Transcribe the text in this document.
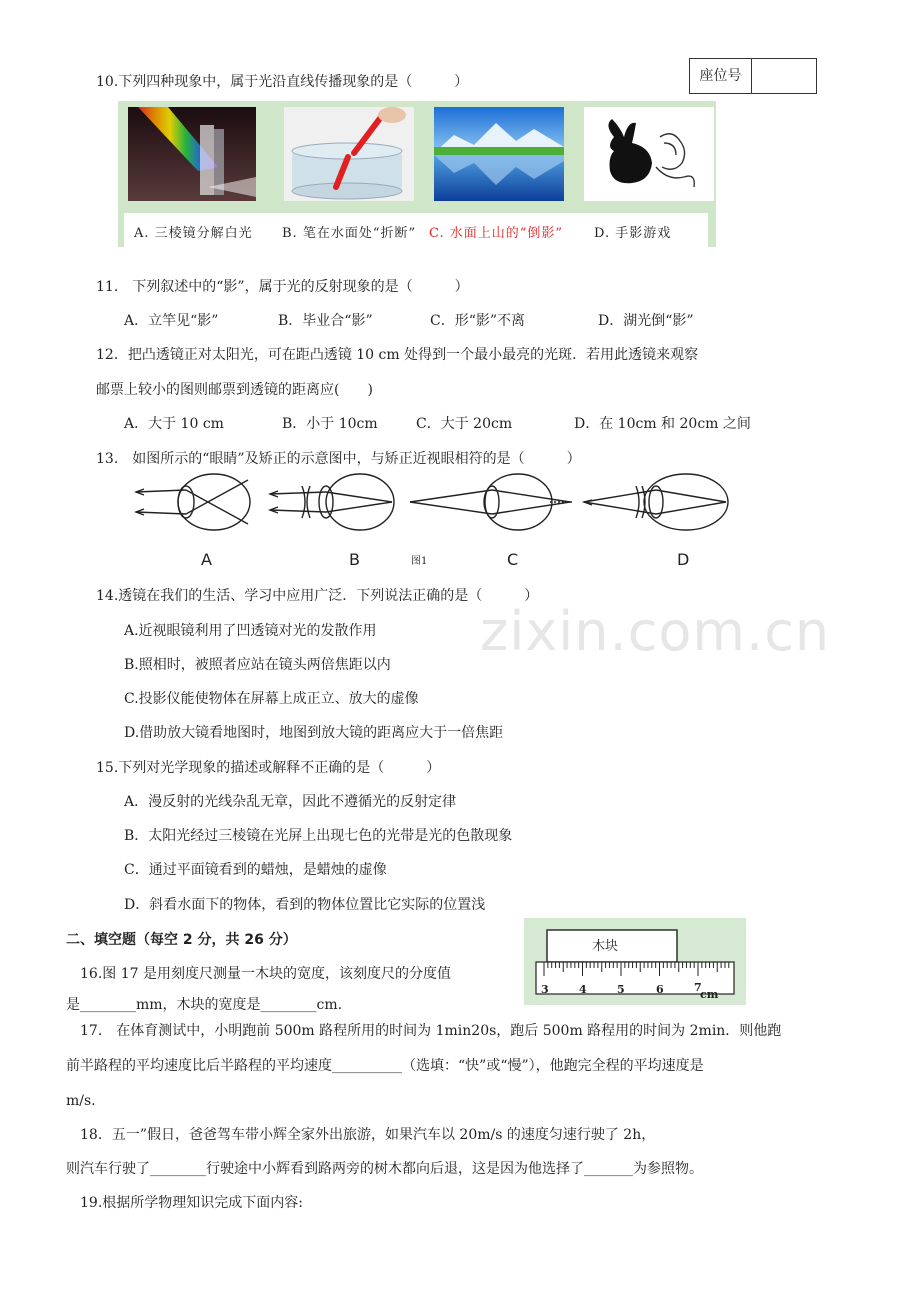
zixin.com.cn
座位号
10.下列四种现象中，属于光沿直线传播现象的是（　　　）
A. 三棱镜分解白光 B. 笔在水面处“折断” C. 水面上山的“倒影” D. 手影游戏
11.　下列叙述中的“影”，属于光的反射现象的是（　　　）
A．立竿见“影”	B．毕业合“影”	C．形“影”不离	D．湖光倒“影”
12．把凸透镜正对太阳光，可在距凸透镜 10 cm 处得到一个最小最亮的光斑．若用此透镜来观察
邮票上较小的图则邮票到透镜的距离应(　　)
A．大于 10 cm	B．小于 10cm	C．大于 20cm	D．在 10cm 和 20cm 之间
13.　如图所示的“眼睛”及矫正的示意图中，与矫正近视眼相符的是（　　　）
A	B	图1	C	D
14.透镜在我们的生活、学习中应用广泛．下列说法正确的是（　　　）
A.近视眼镜利用了凹透镜对光的发散作用
B.照相时，被照者应站在镜头两倍焦距以内
C.投影仪能使物体在屏幕上成正立、放大的虚像
D.借助放大镜看地图时，地图到放大镜的距离应大于一倍焦距
15.下列对光学现象的描述或解释不正确的是（　　　）
A．漫反射的光线杂乱无章，因此不遵循光的反射定律
B．太阳光经过三棱镜在光屏上出现七色的光带是光的色散现象
C．通过平面镜看到的蜡烛，是蜡烛的虚像
D．斜看水面下的物体，看到的物体位置比它实际的位置浅
二、填空题（每空 2 分，共 26 分）
16.图 17 是用刻度尺测量一木块的宽度，该刻度尺的分度值
是________mm，木块的宽度是________cm.
木块
3	4	5	6	7
cm
17.　在体育测试中，小明跑前 500m 路程所用的时间为 1min20s，跑后 500m 路程用的时间为 2min．则他跑
前半路程的平均速度比后半路程的平均速度__________（选填：“快”或“慢”），他跑完全程的平均速度是
m/s.
18．五一”假日，爸爸驾车带小辉全家外出旅游，如果汽车以 20m/s 的速度匀速行驶了 2h，
则汽车行驶了________行驶途中小辉看到路两旁的树木都向后退，这是因为他选择了_______为参照物。
19.根据所学物理知识完成下面内容:
